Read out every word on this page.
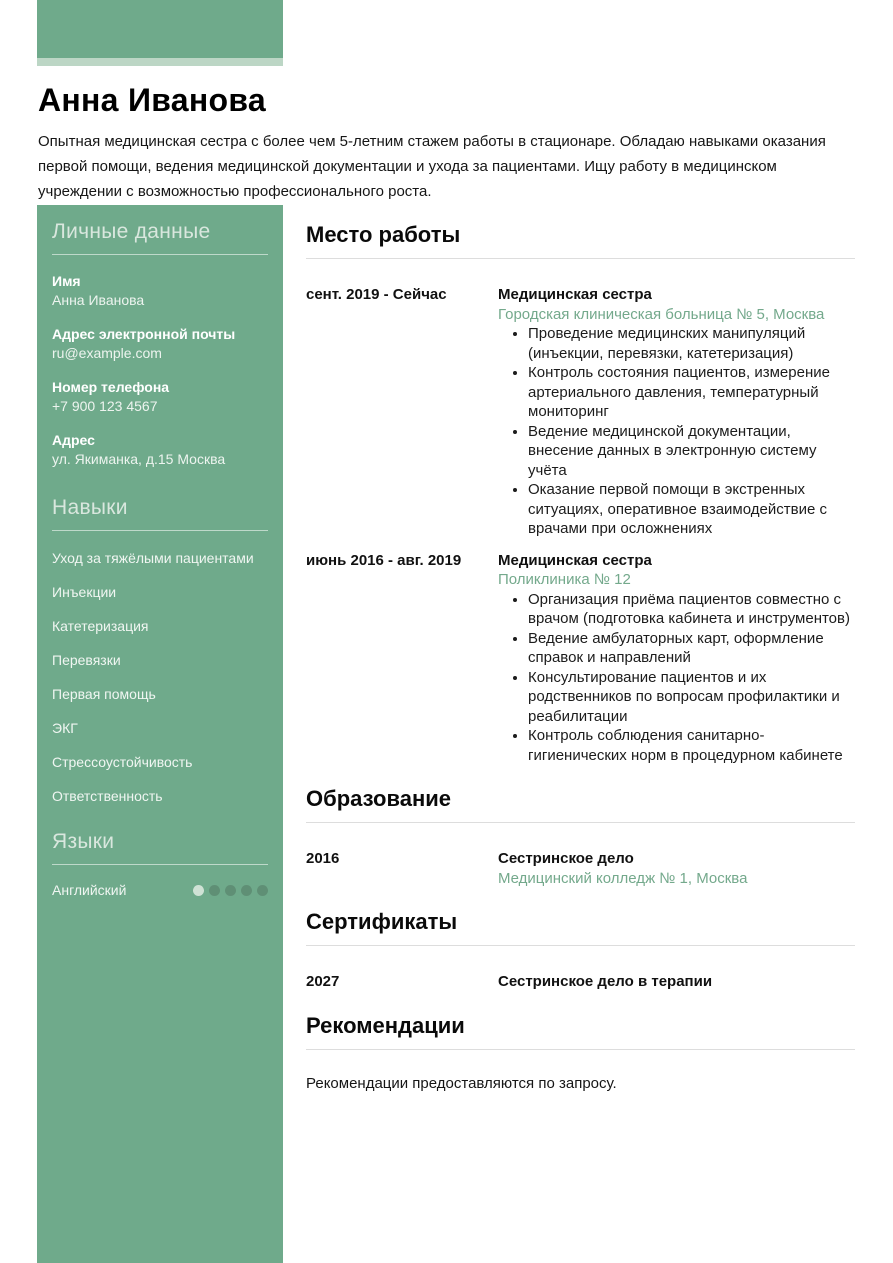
Анна Иванова

Опытная медицинская сестра с более чем 5-летним стажем работы в стационаре. Обладаю навыками оказания первой помощи, ведения медицинской документации и ухода за пациентами. Ищу работу в медицинском учреждении с возможностью профессионального роста.

Личные данные
Имя
Анна Иванова
Адрес электронной почты
ru@example.com
Номер телефона
+7 900 123 4567
Адрес
ул. Якиманка, д.15 Москва
Навыки
Уход за тяжёлыми пациентами
Инъекции
Катетеризация
Перевязки
Первая помощь
ЭКГ
Стрессоустойчивость
Ответственность
Языки
Английский
Место работы
сент. 2019 - Сейчас	Медицинская сестра
Городская клиническая больница № 5, Москва
• Проведение медицинских манипуляций (инъекции, перевязки, катетеризация)
• Контроль состояния пациентов, измерение артериального давления, температурный мониторинг
• Ведение медицинской документации, внесение данных в электронную систему учёта
• Оказание первой помощи в экстренных ситуациях, оперативное взаимодействие с врачами при осложнениях
июнь 2016 - авг. 2019	Медицинская сестра
Поликлиника № 12
• Организация приёма пациентов совместно с врачом (подготовка кабинета и инструментов)
• Ведение амбулаторных карт, оформление справок и направлений
• Консультирование пациентов и их родственников по вопросам профилактики и реабилитации
• Контроль соблюдения санитарно-гигиенических норм в процедурном кабинете
Образование
2016	Сестринское дело
Медицинский колледж № 1, Москва
Сертификаты
2027	Сестринское дело в терапии
Рекомендации

Рекомендации предоставляются по запросу.
